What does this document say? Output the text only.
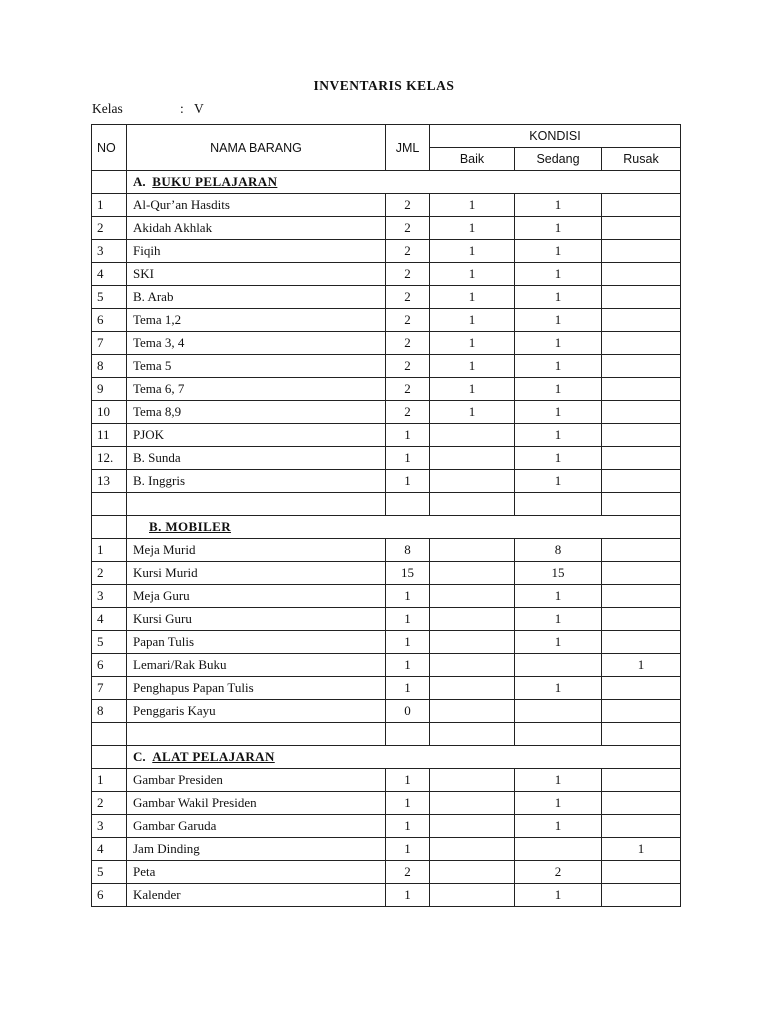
INVENTARIS KELAS
Kelas	: V
NO	NAMA BARANG	JML	KONDISI		
			Baik	Sedang	Rusak
	A. BUKU PELAJARAN				
1	Al-Qur’an Hasdits	2	1	1	
2	Akidah Akhlak	2	1	1	
3	Fiqih	2	1	1	
4	SKI	2	1	1	
5	B. Arab	2	1	1	
6	Tema 1,2	2	1	1	
7	Tema 3, 4	2	1	1	
8	Tema 5	2	1	1	
9	Tema 6, 7	2	1	1	
10	Tema 8,9	2	1	1	
11	PJOK	1		1	
12.	B. Sunda	1		1	
13	B. Inggris	1		1	

	B. MOBILER				
1	Meja Murid	8		8	
2	Kursi Murid	15		15	
3	Meja Guru	1		1	
4	Kursi Guru	1		1	
5	Papan Tulis	1		1	
6	Lemari/Rak Buku	1			1
7	Penghapus Papan Tulis	1		1	
8	Penggaris Kayu	0			

	C. ALAT PELAJARAN				
1	Gambar Presiden	1		1	
2	Gambar Wakil Presiden	1		1	
3	Gambar Garuda	1		1	
4	Jam Dinding	1			1
5	Peta	2		2	
6	Kalender	1		1	
